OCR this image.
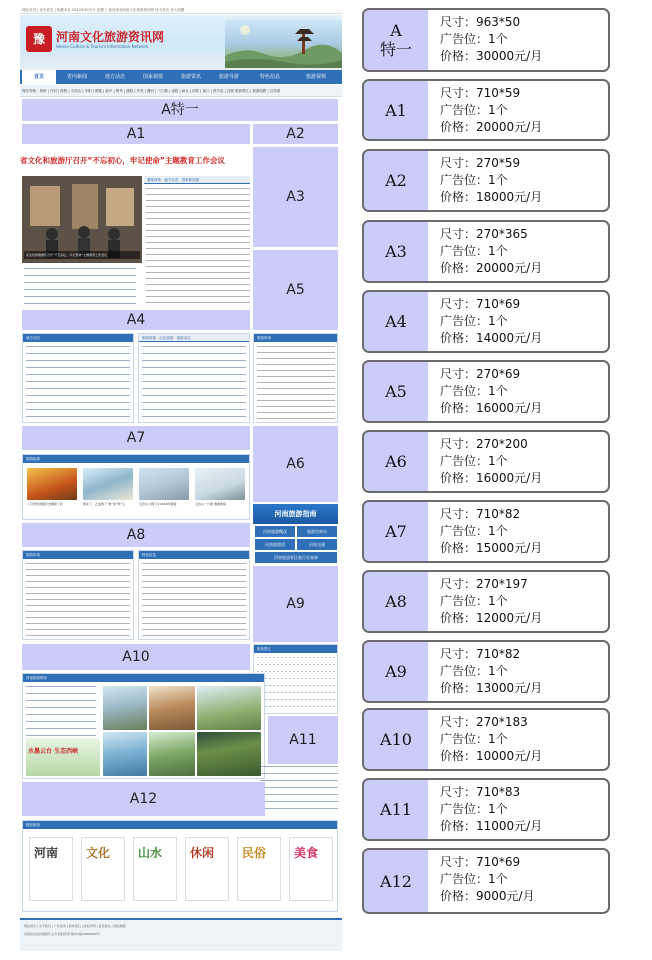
网站首页 | 设为首页 | 收藏本站 2019年6月5日 星期三 欢迎来到河南文化旅游资讯网 设为首页 加入收藏
豫 河南文化旅游资讯网
Henan Culture & Tourism Information Network
首页	省内新闻	地方动态	国家视窗	旅游资讯	旅游导游	特色信息	旅游视频
网站导航：郑州 | 开封 | 洛阳 | 平顶山 | 安阳 | 鹤壁 | 新乡 | 焦作 | 濮阳 | 许昌 | 漯河 | 三门峡 | 南阳 | 商丘 | 信阳 | 周口 | 驻马店 | 济源 旅游景区 | 旅游线路 | 自驾游
A特一
A1	A2
省文化和旅游厅召开“不忘初心，牢记使命”主题教育工作会议
省文化和旅游厅召开“不忘初心，牢记使命”主题教育工作会议
要闻视角 地方动态 国家新视窗
A3
A4
A5
地方动态	旅游视窗 红色旅游 旅游动态	旅游咨询
A7
A6
旅游故事
八月份你的国庆去哪里了好	周末了，乙成熟了“秋”你“秋”么	云台山公园下午2018年游客	云台山一日游 旅游体验
河南旅游指南
河南旅游概况	旅游咨询台
河南旅游团	河南交通
河南旅游景区旅行社查询
A8
旅游咨询	特色信息
A9
A10	推荐景区
河南旅游推荐
水墨云台 生态西峡
A11
A12
精品旅游
河南 文化 山水 休闲 民俗 美食
网站首页 | 关于我们 | 广告业务 | 联系我们 | 版权声明 | 意见建议 | 网站地图
河南省文化和旅游厅主办 版权所有 豫ICP备10000000号
A
特一
尺寸：963*50
广告位：1个
价格：30000元/月
A1
尺寸：710*59
广告位：1个
价格：20000元/月
A2
尺寸：270*59
广告位：1个
价格：18000元/月
A3
尺寸：270*365
广告位：1个
价格：20000元/月
A4
尺寸：710*69
广告位：1个
价格：14000元/月
A5
尺寸：270*69
广告位：1个
价格：16000元/月
A6
尺寸：270*200
广告位：1个
价格：16000元/月
A7
尺寸：710*82
广告位：1个
价格：15000元/月
A8
尺寸：270*197
广告位：1个
价格：12000元/月
A9
尺寸：710*82
广告位：1个
价格：13000元/月
A10
尺寸：270*183
广告位：1个
价格：10000元/月
A11
尺寸：710*83
广告位：1个
价格：11000元/月
A12
尺寸：710*69
广告位：1个
价格：9000元/月
